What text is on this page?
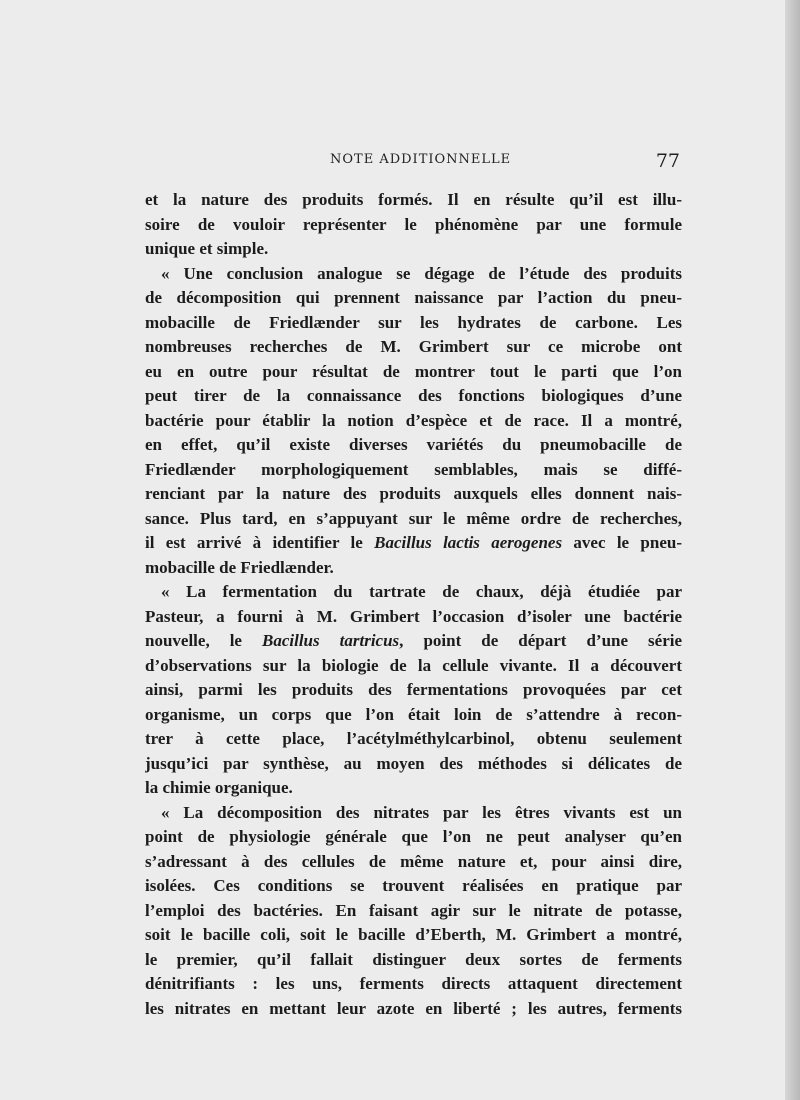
NOTE ADDITIONNELLE	77
et la nature des produits formés. Il en résulte qu’il est illu-
soire de vouloir représenter le phénomène par une formule
unique et simple.
« Une conclusion analogue se dégage de l’étude des produits
de décomposition qui prennent naissance par l’action du pneu-
mobacille de Friedlænder sur les hydrates de carbone. Les
nombreuses recherches de M. Grimbert sur ce microbe ont
eu en outre pour résultat de montrer tout le parti que l’on
peut tirer de la connaissance des fonctions biologiques d’une
bactérie pour établir la notion d’espèce et de race. Il a montré,
en effet, qu’il existe diverses variétés du pneumobacille de
Friedlænder morphologiquement semblables, mais se diffé-
renciant par la nature des produits auxquels elles donnent nais-
sance. Plus tard, en s’appuyant sur le même ordre de recherches,
il est arrivé à identifier le Bacillus lactis aerogenes avec le pneu-
mobacille de Friedlænder.
« La fermentation du tartrate de chaux, déjà étudiée par
Pasteur, a fourni à M. Grimbert l’occasion d’isoler une bactérie
nouvelle, le Bacillus tartricus, point de départ d’une série
d’observations sur la biologie de la cellule vivante. Il a découvert
ainsi, parmi les produits des fermentations provoquées par cet
organisme, un corps que l’on était loin de s’attendre à recon-
trer à cette place, l’acétylméthylcarbinol, obtenu seulement
jusqu’ici par synthèse, au moyen des méthodes si délicates de
la chimie organique.
« La décomposition des nitrates par les êtres vivants est un
point de physiologie générale que l’on ne peut analyser qu’en
s’adressant à des cellules de même nature et, pour ainsi dire,
isolées. Ces conditions se trouvent réalisées en pratique par
l’emploi des bactéries. En faisant agir sur le nitrate de potasse,
soit le bacille coli, soit le bacille d’Eberth, M. Grimbert a montré,
le premier, qu’il fallait distinguer deux sortes de ferments
dénitrifiants : les uns, ferments directs attaquent directement
les nitrates en mettant leur azote en liberté ; les autres, ferments
